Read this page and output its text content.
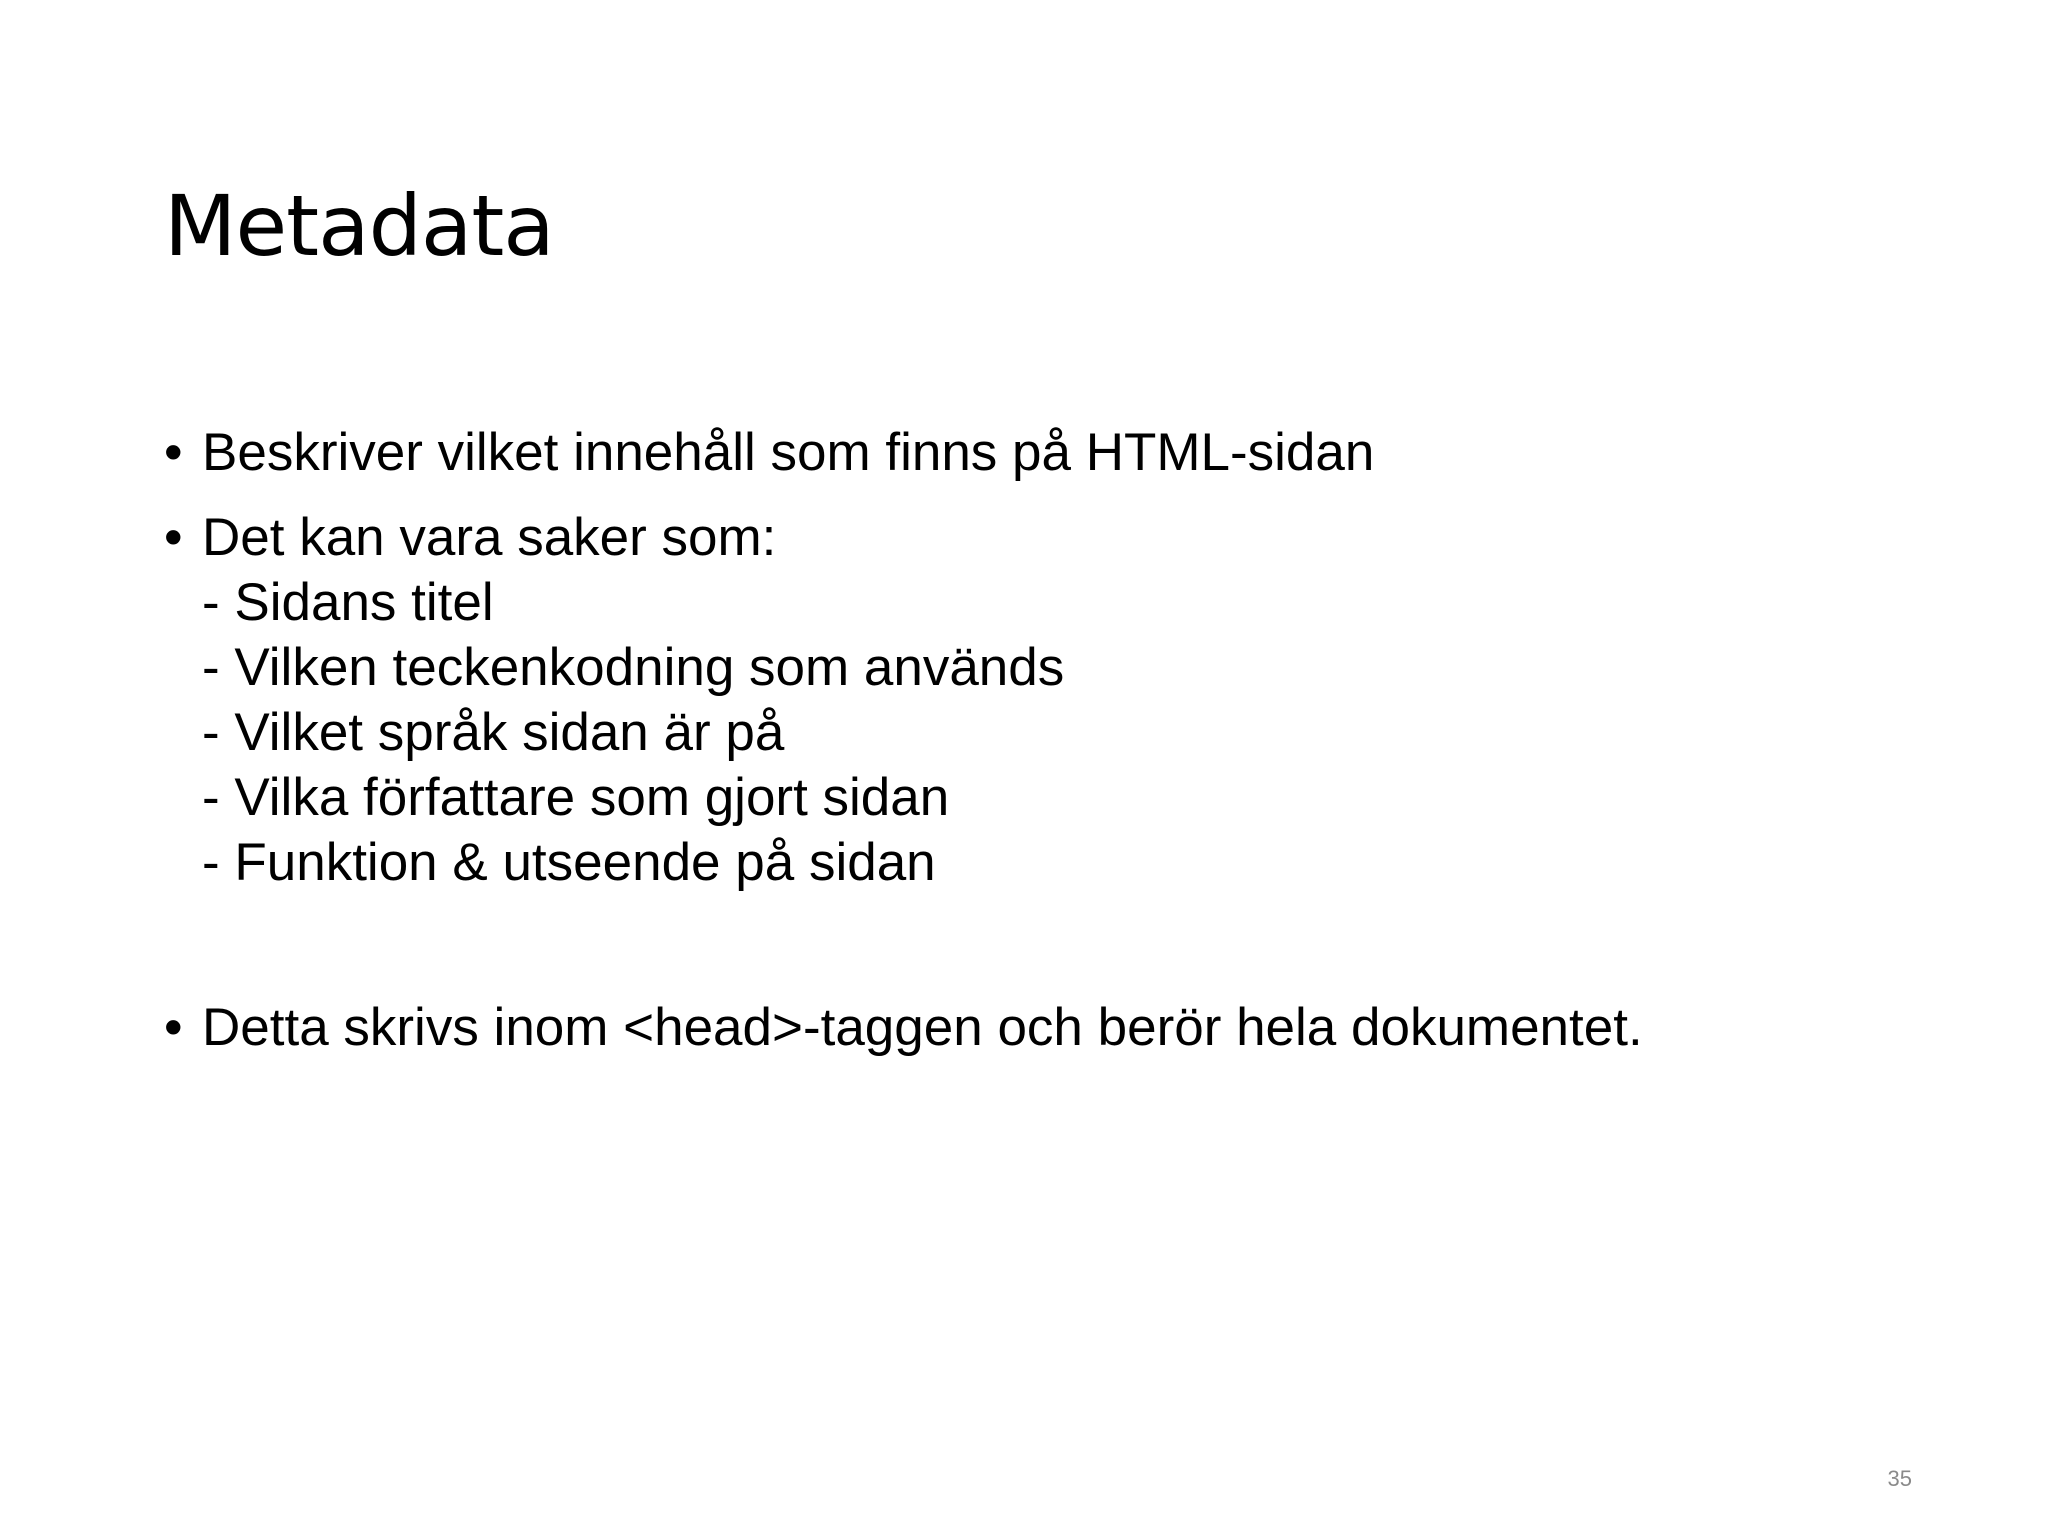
Metadata
• Beskriver vilket innehåll som finns på HTML-sidan
• Det kan vara saker som:
- Sidans titel
- Vilken teckenkodning som används
- Vilket språk sidan är på
- Vilka författare som gjort sidan
- Funktion & utseende på sidan
• Detta skrivs inom <head>-taggen och berör hela dokumentet.
35
